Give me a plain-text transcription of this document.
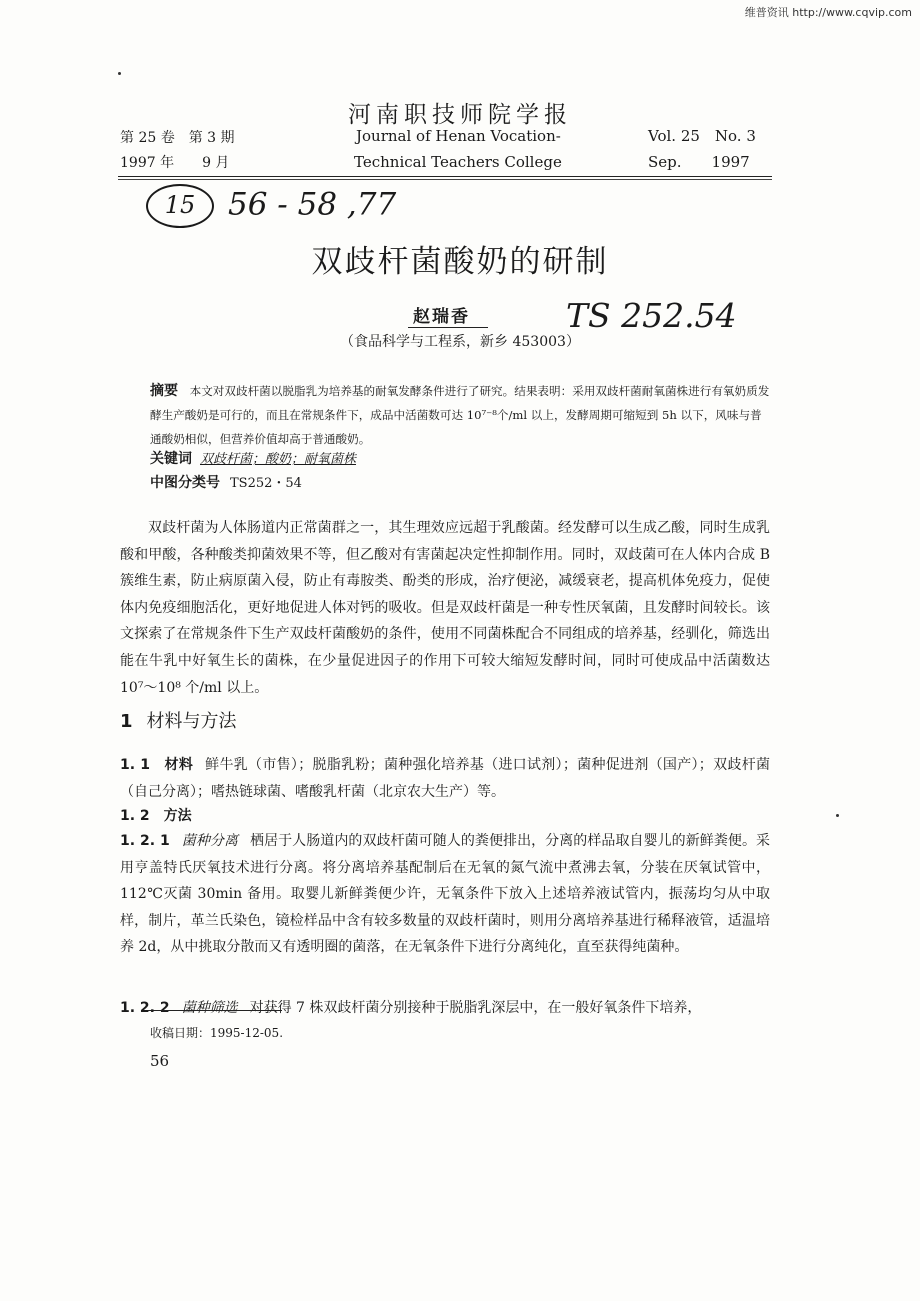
维普资讯 http://www.cqvip.com
河南职技师院学报
第 25 卷　第 3 期
1997 年　　9 月
Journal of Henan Vocation-
Technical Teachers College
Vol. 25　No. 3
Sep.　　1997
15 56 - 58 ,77
双歧杆菌酸奶的研制
赵瑞香	TS 252.54
（食品科学与工程系，新乡 453003）
摘要　 本文对双歧杆菌以脱脂乳为培养基的耐氧发酵条件进行了研究。结果表明：采用双歧杆菌耐氧菌株进行有氧奶质发酵生产酸奶是可行的，而且在常规条件下，成品中活菌数可达 10⁷⁻⁸个/ml 以上，发酵周期可缩短到 5h 以下，风味与普通酸奶相似，但营养价值却高于普通酸奶。
关键词 双歧杆菌；酸奶；耐氧菌株
中图分类号 TS252・54
双歧杆菌为人体肠道内正常菌群之一，其生理效应远超于乳酸菌。经发酵可以生成乙酸，同时生成乳酸和甲酸，各种酸类抑菌效果不等，但乙酸对有害菌起决定性抑制作用。同时，双歧菌可在人体内合成 B 簇维生素，防止病原菌入侵，防止有毒胺类、酚类的形成，治疗便泌，减缓衰老，提高机体免疫力，促使体内免疫细胞活化，更好地促进人体对钙的吸收。但是双歧杆菌是一种专性厌氧菌，且发酵时间较长。该文探索了在常规条件下生产双歧杆菌酸奶的条件，使用不同菌株配合不同组成的培养基，经驯化，筛选出能在牛乳中好氧生长的菌株，在少量促进因子的作用下可较大缩短发酵时间，同时可使成品中活菌数达 10⁷～10⁸ 个/ml 以上。
1 材料与方法
1. 1　材料 鲜牛乳（市售）；脱脂乳粉；菌种强化培养基（进口试剂）；菌种促进剂（国产）；双歧杆菌（自己分离）；嗜热链球菌、嗜酸乳杆菌（北京农大生产）等。
1. 2　方法
1. 2. 1 菌种分离 栖居于人肠道内的双歧杆菌可随人的粪便排出，分离的样品取自婴儿的新鲜粪便。采用亨盖特氏厌氧技术进行分离。将分离培养基配制后在无氧的氮气流中煮沸去氧，分装在厌氧试管中，112℃灭菌 30min 备用。取婴儿新鲜粪便少许，无氧条件下放入上述培养液试管内，振荡均匀从中取样，制片，革兰氏染色，镜检样品中含有较多数量的双歧杆菌时，则用分离培养基进行稀释液管，适温培养 2d，从中挑取分散而又有透明圈的菌落，在无氧条件下进行分离纯化，直至获得纯菌种。
1. 2. 2 菌种筛选 对获得 7 株双歧杆菌分别接种于脱脂乳深层中，在一般好氧条件下培养，
收稿日期：1995-12-05.
56
